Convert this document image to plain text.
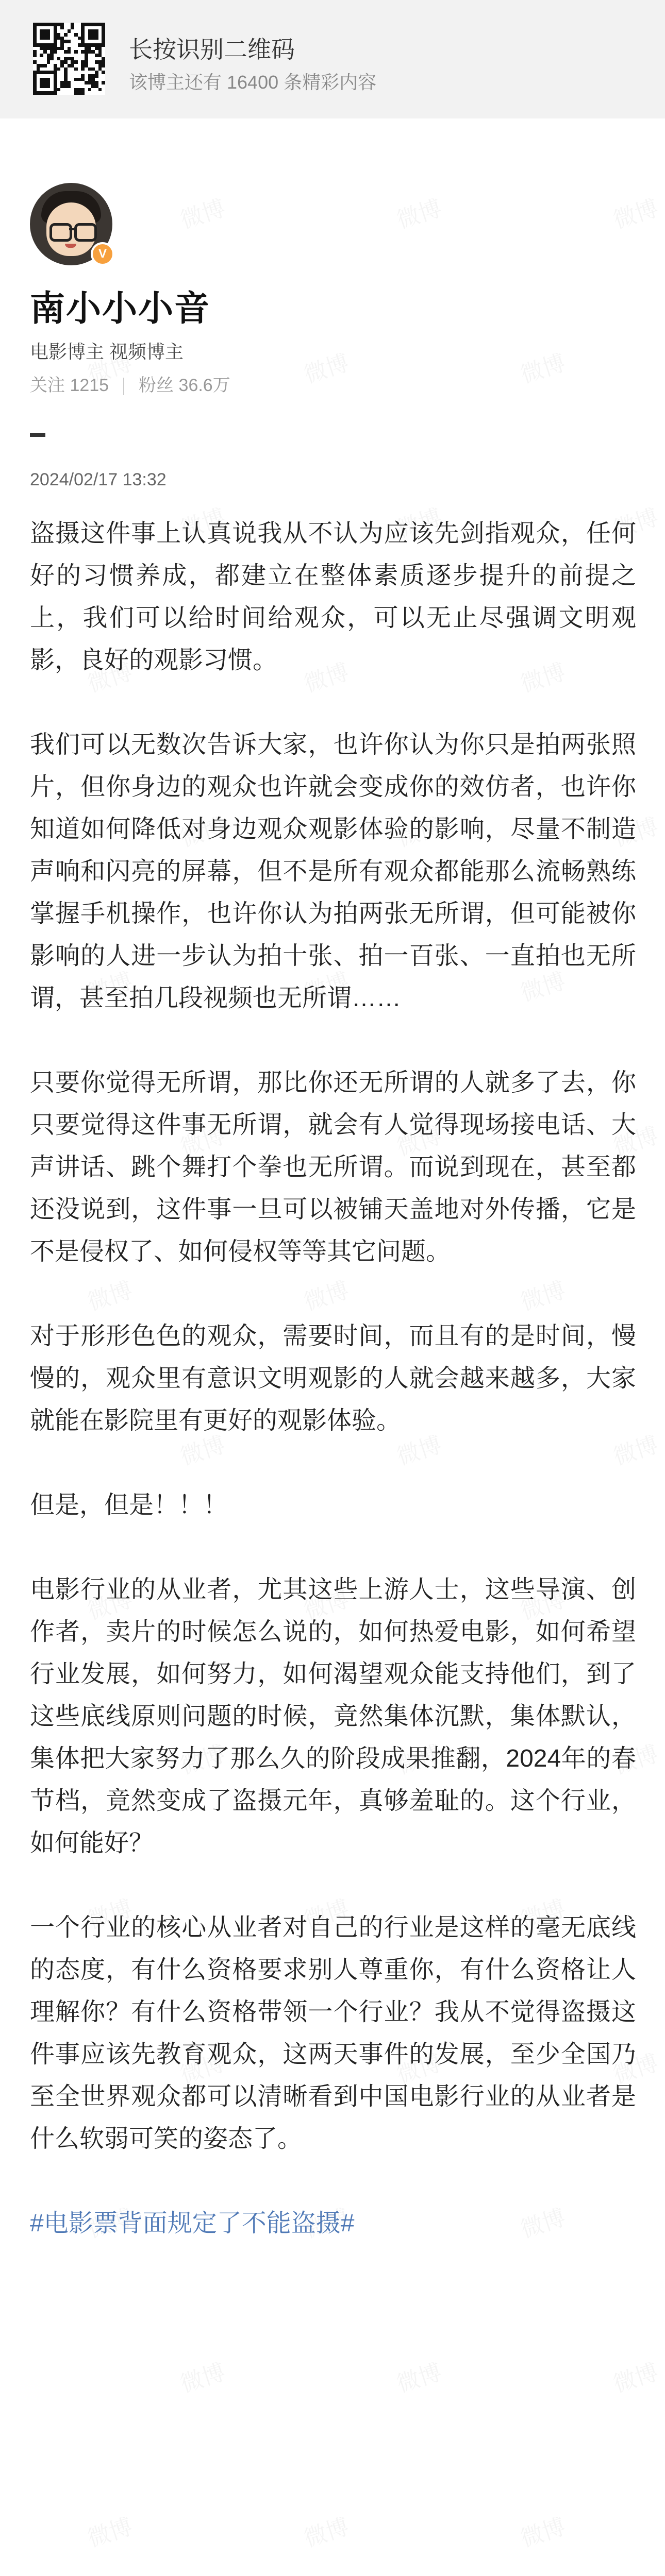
长按识别二维码
该博主还有 16400 条精彩内容
V
南小小小音
电影博主 视频博主
关注 1215 粉丝 36.6万
2024/02/17 13:32

盗摄这件事上认真说我从不认为应该先剑指观众，任何好的习惯养成，都建立在整体素质逐步提升的前提之上，我们可以给时间给观众，可以无止尽强调文明观影，良好的观影习惯。

我们可以无数次告诉大家，也许你认为你只是拍两张照片，但你身边的观众也许就会变成你的效仿者，也许你知道如何降低对身边观众观影体验的影响，尽量不制造声响和闪亮的屏幕，但不是所有观众都能那么流畅熟练掌握手机操作，也许你认为拍两张无所谓，但可能被你影响的人进一步认为拍十张、拍一百张、一直拍也无所谓，甚至拍几段视频也无所谓……

只要你觉得无所谓，那比你还无所谓的人就多了去，你只要觉得这件事无所谓，就会有人觉得现场接电话、大声讲话、跳个舞打个拳也无所谓。而说到现在，甚至都还没说到，这件事一旦可以被铺天盖地对外传播，它是不是侵权了、如何侵权等等其它问题。

对于形形色色的观众，需要时间，而且有的是时间，慢慢的，观众里有意识文明观影的人就会越来越多，大家就能在影院里有更好的观影体验。

但是，但是！！！

电影行业的从业者，尤其这些上游人士，这些导演、创作者，卖片的时候怎么说的，如何热爱电影，如何希望行业发展，如何努力，如何渴望观众能支持他们，到了这些底线原则问题的时候，竟然集体沉默，集体默认，集体把大家努力了那么久的阶段成果推翻，2024年的春节档，竟然变成了盗摄元年，真够羞耻的。这个行业，如何能好？

一个行业的核心从业者对自己的行业是这样的毫无底线的态度，有什么资格要求别人尊重你，有什么资格让人理解你？有什么资格带领一个行业？我从不觉得盗摄这件事应该先教育观众，这两天事件的发展，至少全国乃至全世界观众都可以清晰看到中国电影行业的从业者是什么软弱可笑的姿态了。

#电影票背面规定了不能盗摄#
